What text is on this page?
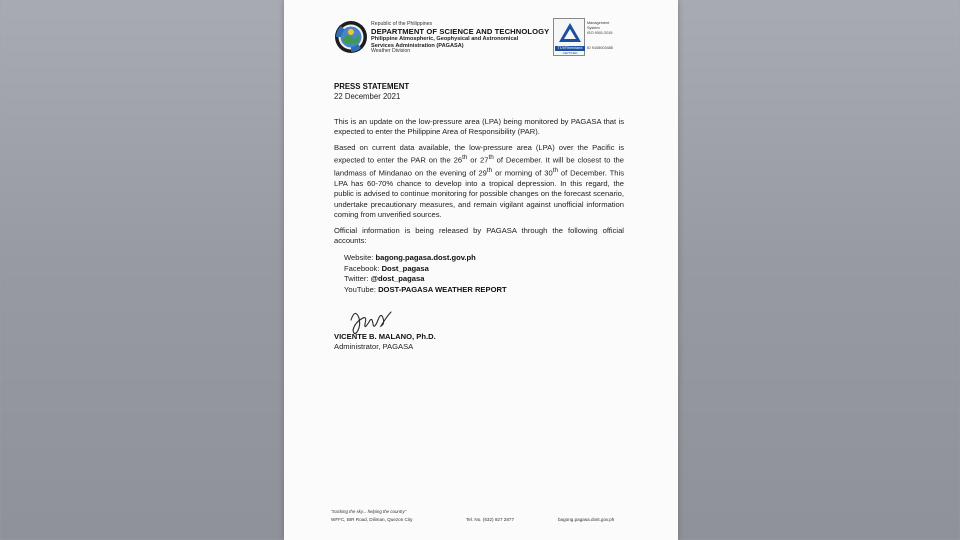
Republic of the Philippines
DEPARTMENT OF SCIENCE AND TECHNOLOGY
Philippine Atmospheric, Geophysical and Astronomical
Services Administration (PAGASA)
Weather Division	TÜVRheinland
CERTIFIED
Management
System
ISO 9001:2015
ID 9105003485
PRESS STATEMENT
22 December 2021
This is an update on the low-pressure area (LPA) being monitored by PAGASA that is expected to enter the Philippine Area of Responsibility (PAR).
Based on current data available, the low-pressure area (LPA) over the Pacific is expected to enter the PAR on the 26th or 27th of December. It will be closest to the landmass of Mindanao on the evening of 29th or morning of 30th of December. This LPA has 60-70% chance to develop into a tropical depression. In this regard, the public is advised to continue monitoring for possible changes on the forecast scenario, undertake precautionary measures, and remain vigilant against unofficial information coming from unverified sources.
Official information is being released by PAGASA through the following official accounts:
Website: bagong.pagasa.dost.gov.ph
Facebook: Dost_pagasa
Twitter: @dost_pagasa
YouTube: DOST-PAGASA WEATHER REPORT
VICENTE B. MALANO, Ph.D.
Administrator, PAGASA
"tracking the sky... helping the country"
WFFC, BIR Road, Diliman, Quezon City	Tel. No. (632) 927 2877	bagong.pagasa.dost.gov.ph
